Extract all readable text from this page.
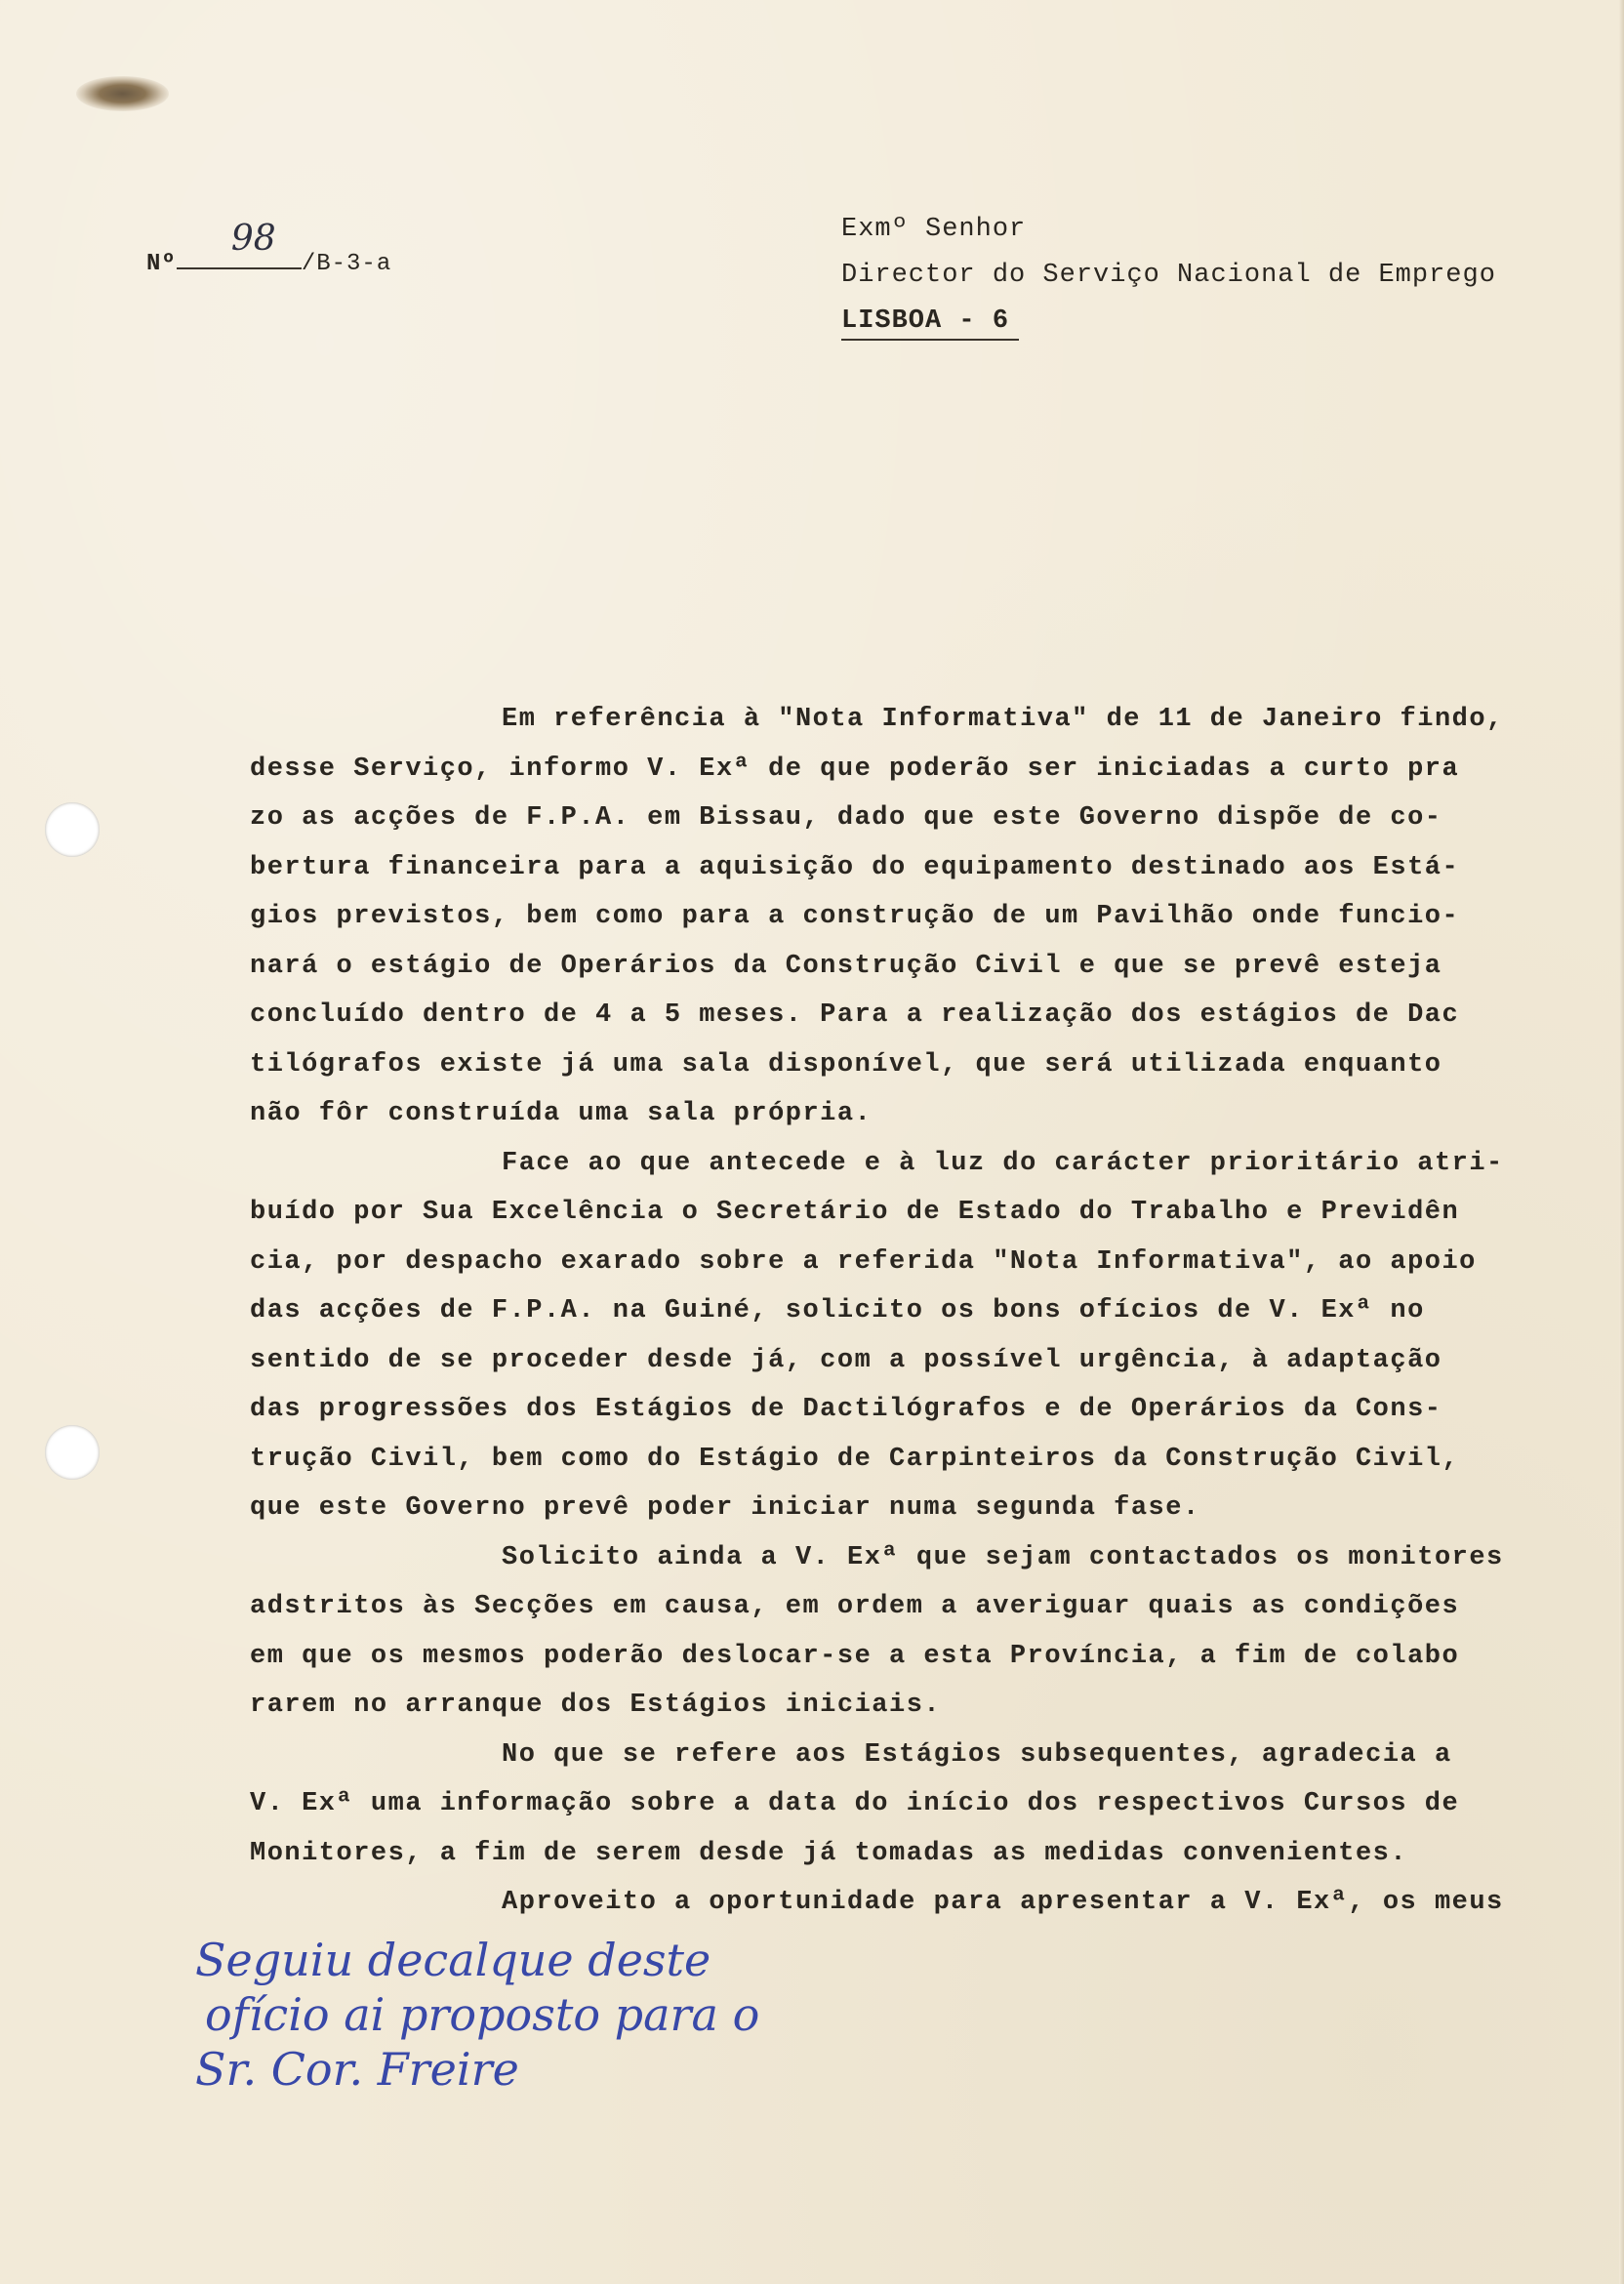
Nº
98
/B-3-a
Exmº Senhor
Director do Serviço Nacional de Emprego
LISBOA - 6
Em referência à "Nota Informativa" de 11 de Janeiro findo,
desse Serviço, informo V. Exª de que poderão ser iniciadas a curto pra
zo as acções de F.P.A. em Bissau, dado que este Governo dispõe de co-
bertura financeira para a aquisição do equipamento destinado aos Está-
gios previstos, bem como para a construção de um Pavilhão onde funcio-
nará o estágio de Operários da Construção Civil e que se prevê esteja
concluído dentro de 4 a 5 meses. Para a realização dos estágios de Dac
tilógrafos existe já uma sala disponível, que será utilizada enquanto
não fôr construída uma sala própria.
Face ao que antecede e à luz do carácter prioritário atri-
buído por Sua Excelência o Secretário de Estado do Trabalho e Previdên
cia, por despacho exarado sobre a referida "Nota Informativa", ao apoio
das acções de F.P.A. na Guiné, solicito os bons ofícios de V. Exª no
sentido de se proceder desde já, com a possível urgência, à adaptação
das progressões dos Estágios de Dactilógrafos e de Operários da Cons-
trução Civil, bem como do Estágio de Carpinteiros da Construção Civil,
que este Governo prevê poder iniciar numa segunda fase.
Solicito ainda a V. Exª que sejam contactados os monitores
adstritos às Secções em causa, em ordem a averiguar quais as condições
em que os mesmos poderão deslocar-se a esta Província, a fim de colabo
rarem no arranque dos Estágios iniciais.
No que se refere aos Estágios subsequentes, agradecia a
V. Exª uma informação sobre a data do início dos respectivos Cursos de
Monitores, a fim de serem desde já tomadas as medidas convenientes.
Aproveito a oportunidade para apresentar a V. Exª, os meus
Seguiu decalque deste
ofício ai proposto para o
Sr. Cor. Freire
